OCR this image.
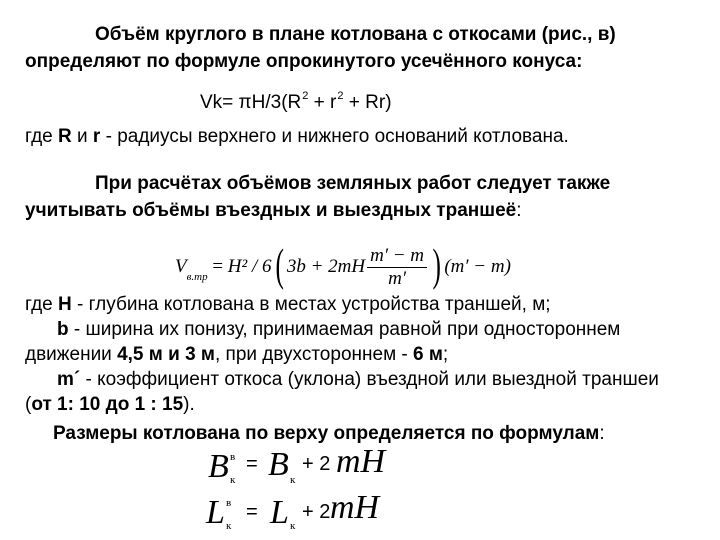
Объём круглого в плане котлована с откосами (рис., в)
определяют по формуле опрокинутого усечённого конуса:
$Vk= \pi H/3(R^2 + r^2 + Rr)$
где R и r - радиусы верхнего и нижнего оснований котлована.
При расчётах объёмов земляных работ следует также
учитывать объёмы въездных и выездных траншеё:
$V_{в.тр} = H^2 / 6$( $3b + 2mH \frac{m' - m}{m'}$ ) (m′ − m)
где H - глубина котлована в местах устройства траншей, м;
b - ширина их понизу, принимаемая равной при одностороннем
движении 4,5 м и 3 м, при двухстороннем - 6 м;
m´ - коэффициент откоса (уклона) въездной или выездной траншеи
(от 1: 10 до 1 : 15).
Размеры котлована по верху определяется по формулам:
B в
к
= B к
+ 2 mH
L в
к
= L к
+ 2 mH
